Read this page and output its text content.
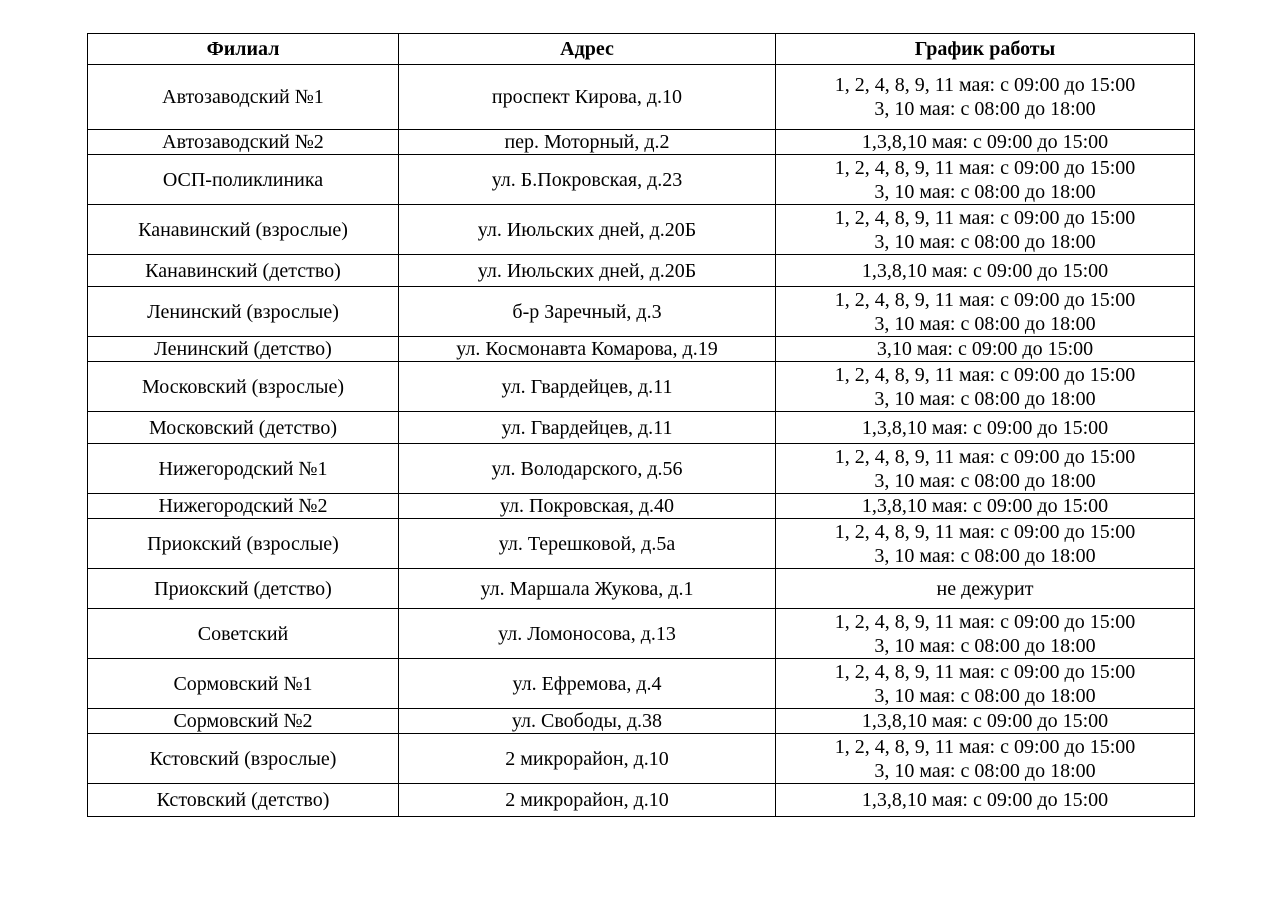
Филиал	Адрес	График работы
Автозаводский №1	проспект Кирова, д.10	1, 2, 4, 8, 9, 11 мая: с 09:00 до 15:00
3, 10 мая: с 08:00 до 18:00

Автозаводский №2	пер. Моторный, д.2	1,3,8,10 мая: с 09:00 до 15:00

ОСП-поликлиника	ул. Б.Покровская, д.23	1, 2, 4, 8, 9, 11 мая: с 09:00 до 15:00
3, 10 мая: с 08:00 до 18:00

Канавинский (взрослые)	ул. Июльских дней, д.20Б	1, 2, 4, 8, 9, 11 мая: с 09:00 до 15:00
3, 10 мая: с 08:00 до 18:00

Канавинский (детство)	ул. Июльских дней, д.20Б	1,3,8,10 мая: с 09:00 до 15:00

Ленинский (взрослые)	б-р Заречный, д.3	1, 2, 4, 8, 9, 11 мая: с 09:00 до 15:00
3, 10 мая: с 08:00 до 18:00

Ленинский (детство)	ул. Космонавта Комарова, д.19	3,10 мая: с 09:00 до 15:00

Московский (взрослые)	ул. Гвардейцев, д.11	1, 2, 4, 8, 9, 11 мая: с 09:00 до 15:00
3, 10 мая: с 08:00 до 18:00

Московский (детство)	ул. Гвардейцев, д.11	1,3,8,10 мая: с 09:00 до 15:00

Нижегородский №1	ул. Володарского, д.56	1, 2, 4, 8, 9, 11 мая: с 09:00 до 15:00
3, 10 мая: с 08:00 до 18:00

Нижегородский №2	ул. Покровская, д.40	1,3,8,10 мая: с 09:00 до 15:00

Приокский (взрослые)	ул. Терешковой, д.5а	1, 2, 4, 8, 9, 11 мая: с 09:00 до 15:00
3, 10 мая: с 08:00 до 18:00

Приокский (детство)	ул. Маршала Жукова, д.1	не дежурит

Советский	ул. Ломоносова, д.13	1, 2, 4, 8, 9, 11 мая: с 09:00 до 15:00
3, 10 мая: с 08:00 до 18:00

Сормовский №1	ул. Ефремова, д.4	1, 2, 4, 8, 9, 11 мая: с 09:00 до 15:00
3, 10 мая: с 08:00 до 18:00

Сормовский №2	ул. Свободы, д.38	1,3,8,10 мая: с 09:00 до 15:00

Кстовский (взрослые)	2 микрорайон, д.10	1, 2, 4, 8, 9, 11 мая: с 09:00 до 15:00
3, 10 мая: с 08:00 до 18:00

Кстовский (детство)	2 микрорайон, д.10	1,3,8,10 мая: с 09:00 до 15:00
